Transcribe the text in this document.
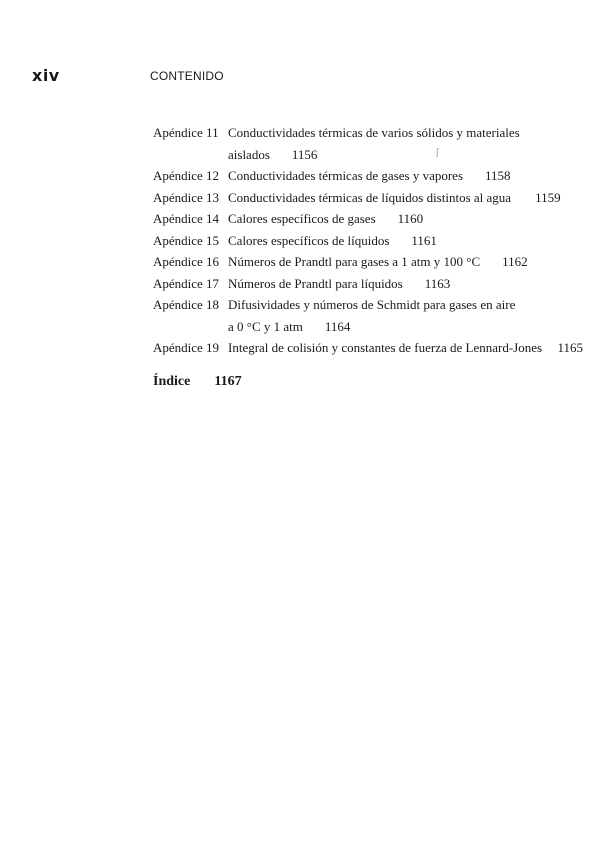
xiv	CONTENIDO
ʃ
Apéndice 11 Conductividades térmicas de varios sólidos y materiales
aislados 1156
Apéndice 12 Conductividades térmicas de gases y vapores 1158
Apéndice 13 Conductividades térmicas de líquidos distintos al agua 1159
Apéndice 14 Calores específicos de gases 1160
Apéndice 15 Calores específicos de líquidos 1161
Apéndice 16 Números de Prandtl para gases a 1 atm y 100 °C 1162
Apéndice 17 Números de Prandtl para líquidos 1163
Apéndice 18 Difusividades y números de Schmidt para gases en aire
a 0 °C y 1 atm 1164
Apéndice 19 Integral de colisión y constantes de fuerza de Lennard-Jones	1165
Índice 1167
